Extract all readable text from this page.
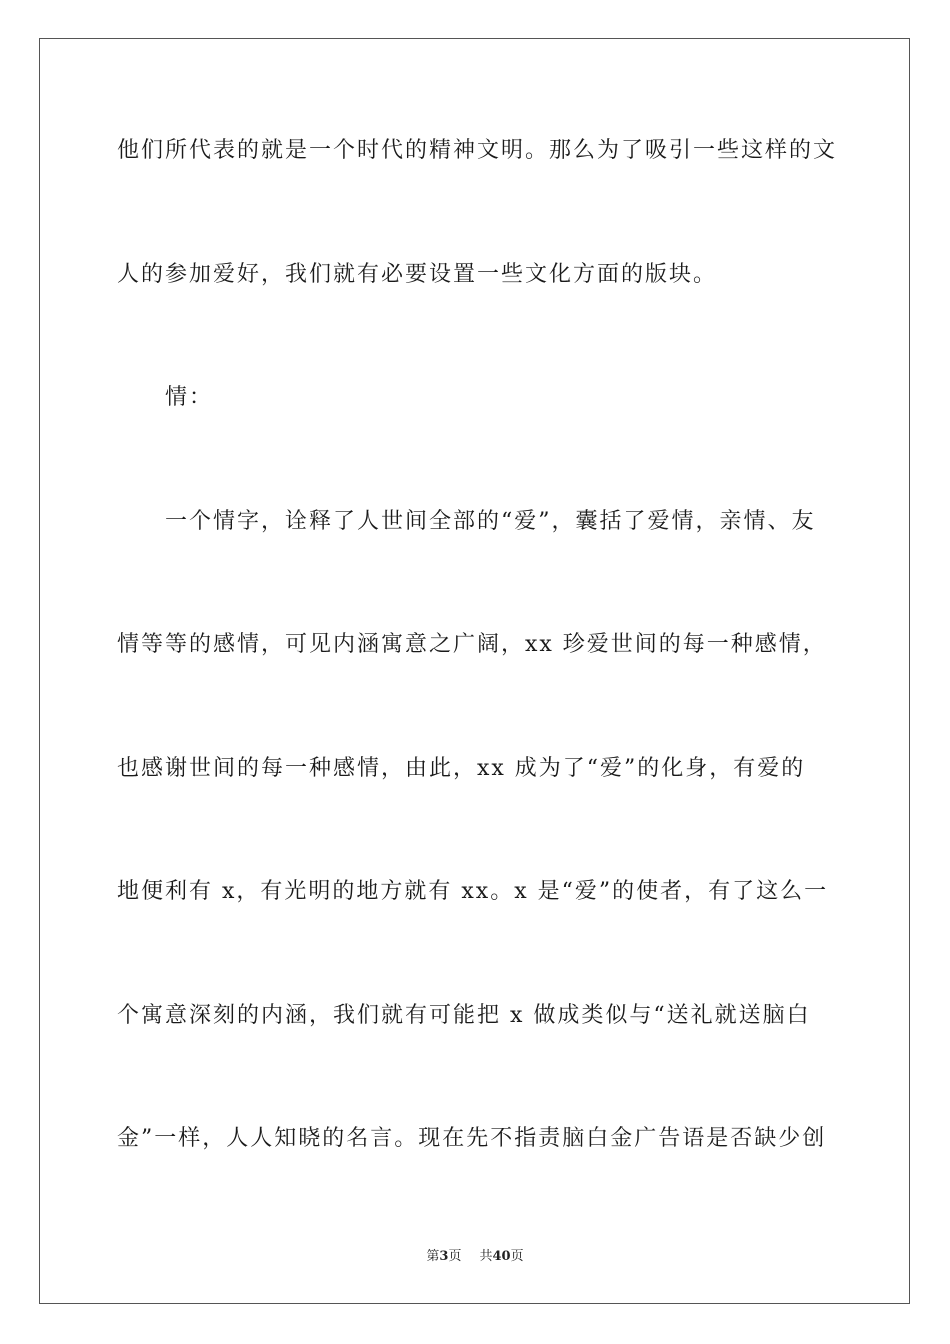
他们所代表的就是一个时代的精神文明。那么为了吸引一些这样的文

人的参加爱好，我们就有必要设置一些文化方面的版块。

情：

一个情字，诠释了人世间全部的“爱”，囊括了爱情，亲情、友

情等等的感情，可见内涵寓意之广阔，xx 珍爱世间的每一种感情，

也感谢世间的每一种感情，由此，xx 成为了“爱”的化身，有爱的

地便利有 x，有光明的地方就有 xx。x 是“爱”的使者，有了这么一

个寓意深刻的内涵，我们就有可能把 x 做成类似与“送礼就送脑白

金”一样，人人知晓的名言。现在先不指责脑白金广告语是否缺少创

第3页 共40页
